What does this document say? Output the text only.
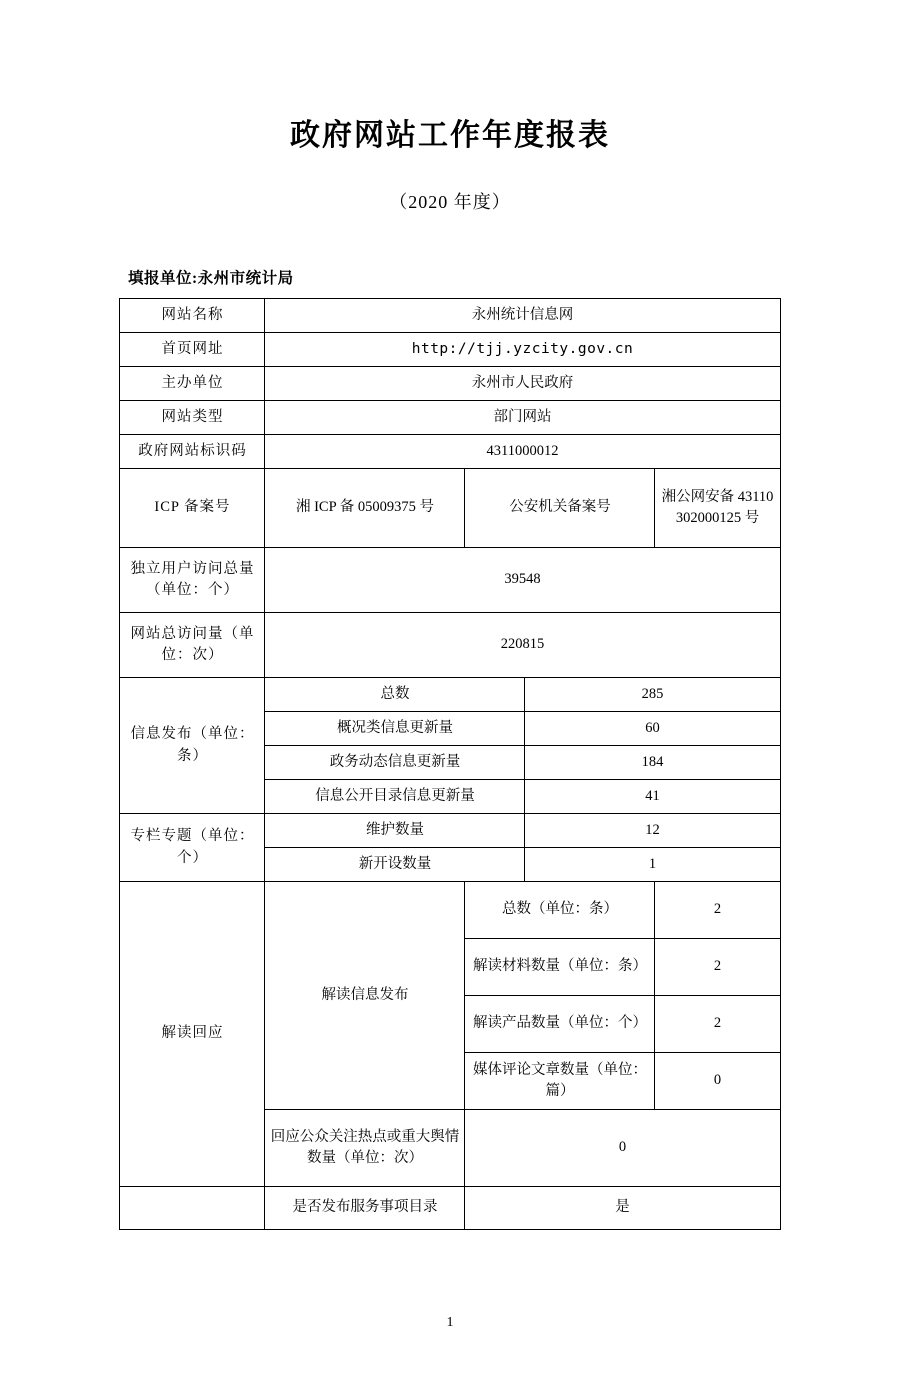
政府网站工作年度报表
（2020 年度）
填报单位:永州市统计局
网站名称	永州统计信息网			
首页网址	http://tjj.yzcity.gov.cn			
主办单位	永州市人民政府			
网站类型	部门网站			
政府网站标识码	4311000012			
ICP 备案号	湘 ICP 备 05009375 号	公安机关备案号		湘公网安备 43110302000125 号
独立用户访问总量（单位：个）	39548			
网站总访问量（单位：次）	220815			
信息发布（单位：条）	总数		285	
	概况类信息更新量		60	
	政务动态信息更新量		184	
	信息公开目录信息更新量		41	
专栏专题（单位：个）	维护数量		12	
	新开设数量		1	
解读回应	解读信息发布	总数（单位：条）		2
		解读材料数量（单位：条）		2
		解读产品数量（单位：个）		2
		媒体评论文章数量（单位：篇）		0
	回应公众关注热点或重大舆情数量（单位：次）	0		
	是否发布服务事项目录	是		
1
